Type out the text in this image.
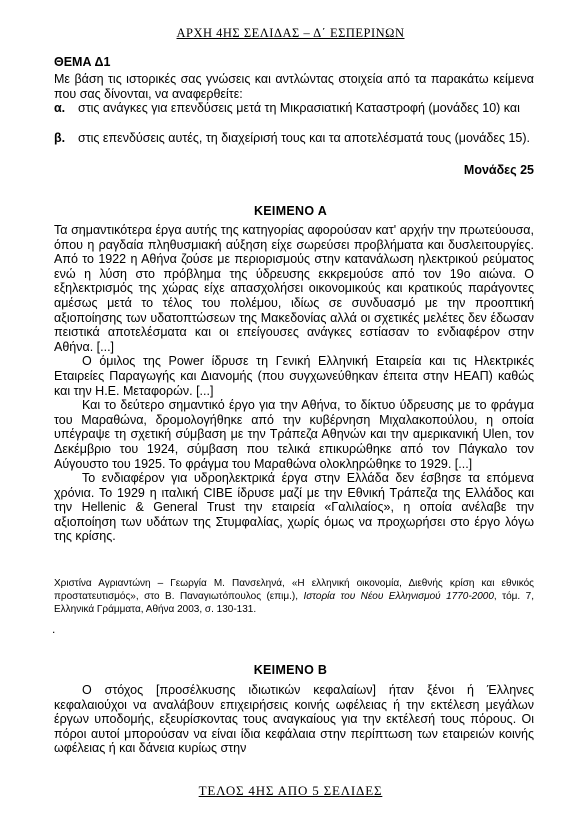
ΑΡΧΗ 4ΗΣ ΣΕΛΙΔΑΣ – Δ΄ ΕΣΠΕΡΙΝΩΝ
ΘΕΜΑ Δ1
Με βάση τις ιστορικές σας γνώσεις και αντλώντας στοιχεία από τα παρακάτω κείμενα που σας δίνονται, να αναφερθείτε:
α. στις ανάγκες για επενδύσεις μετά τη Μικρασιατική Καταστροφή (μονάδες 10) και
β. στις επενδύσεις αυτές, τη διαχείρισή τους και τα αποτελέσματά τους (μονάδες 15).
Μονάδες 25
ΚΕΙΜΕΝΟ Α

Τα σημαντικότερα έργα αυτής της κατηγορίας αφορούσαν κατ' αρχήν την πρωτεύουσα, όπου η ραγδαία πληθυσμιακή αύξηση είχε σωρεύσει προβλήματα και δυσλειτουργίες. Από το 1922 η Αθήνα ζούσε με περιορισμούς στην κατανάλωση ηλεκτρικού ρεύματος ενώ η λύση στο πρόβλημα της ύδρευσης εκκρεμούσε από τον 19ο αιώνα. Ο εξηλεκτρισμός της χώρας είχε απασχολήσει οικονομικούς και κρατικούς παράγοντες αμέσως μετά το τέλος του πολέμου, ιδίως σε συνδυασμό με την προοπτική αξιοποίησης των υδατοπτώσεων της Μακεδονίας αλλά οι σχετικές μελέτες δεν έδωσαν πειστικά αποτελέσματα και οι επείγουσες ανάγκες εστίασαν το ενδιαφέρον στην Αθήνα. [...]

Ο όμιλος της Power ίδρυσε τη Γενική Ελληνική Εταιρεία και τις Ηλεκτρικές Εταιρείες Παραγωγής και Διανομής (που συγχωνεύθηκαν έπειτα στην ΗΕΑΠ) καθώς και την Η.Ε. Μεταφορών. [...]

Και το δεύτερο σημαντικό έργο για την Αθήνα, το δίκτυο ύδρευσης με το φράγμα του Μαραθώνα, δρομολογήθηκε από την κυβέρνηση Μιχαλακοπούλου, η οποία υπέγραψε τη σχετική σύμβαση με την Τράπεζα Αθηνών και την αμερικανική Ulen, τον Δεκέμβριο του 1924, σύμβαση που τελικά επικυρώθηκε από τον Πάγκαλο τον Αύγουστο του 1925. Το φράγμα του Μαραθώνα ολοκληρώθηκε το 1929. [...]

Το ενδιαφέρον για υδροηλεκτρικά έργα στην Ελλάδα δεν έσβησε τα επόμενα χρόνια. Το 1929 η ιταλική CIBE ίδρυσε μαζί με την Εθνική Τράπεζα της Ελλάδος και την Hellenic & General Trust την εταιρεία «Γαλιλαίος», η οποία ανέλαβε την αξιοποίηση των υδάτων της Στυμφαλίας, χωρίς όμως να προχωρήσει στο έργο λόγω της κρίσης.

Χριστίνα Αγριαντώνη – Γεωργία Μ. Πανσεληνά, «Η ελληνική οικονομία, Διεθνής κρίση και εθνικός προστατευτισμός», στο Β. Παναγιωτόπουλος (επιμ.), Ιστορία του Νέου Ελληνισμού 1770-2000, τόμ. 7, Ελληνικά Γράμματα, Αθήνα 2003, σ. 130-131.
.
ΚΕΙΜΕΝΟ Β

Ο στόχος [προσέλκυσης ιδιωτικών κεφαλαίων] ήταν ξένοι ή Έλληνες κεφαλαιούχοι να αναλάβουν επιχειρήσεις κοινής ωφέλειας ή την εκτέλεση μεγάλων έργων υποδομής, εξευρίσκοντας τους αναγκαίους για την εκτέλεσή τους πόρους. Οι πόροι αυτοί μπορούσαν να είναι ίδια κεφάλαια στην περίπτωση των εταιρειών κοινής ωφέλειας ή και δάνεια κυρίως στην

ΤΕΛΟΣ 4ΗΣ ΑΠΟ 5 ΣΕΛΙΔΕΣ
